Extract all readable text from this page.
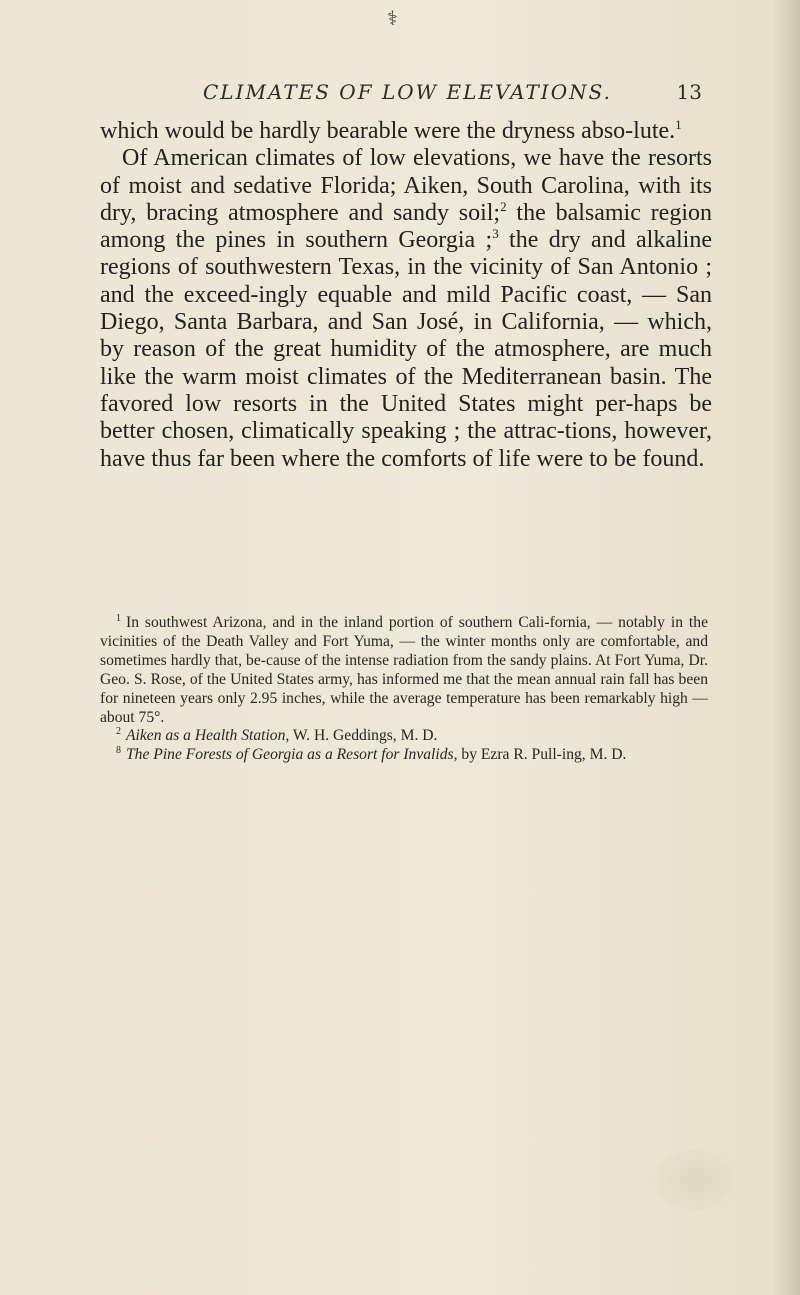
⚕
CLIMATES OF LOW ELEVATIONS.	13

which would be hardly bearable were the dryness abso-lute.$^1$

Of American climates of low elevations, we have the resorts of moist and sedative Florida; Aiken, South Carolina, with its dry, bracing atmosphere and sandy soil;$^2$ the balsamic region among the pines in southern Georgia ;$^3$ the dry and alkaline regions of southwestern Texas, in the vicinity of San Antonio ; and the exceed-ingly equable and mild Pacific coast, — San Diego, Santa Barbara, and San José, in California, — which, by reason of the great humidity of the atmosphere, are much like the warm moist climates of the Mediterranean basin. The favored low resorts in the United States might per-haps be better chosen, climatically speaking ; the attrac-tions, however, have thus far been where the comforts of life were to be found.

$^1$ In southwest Arizona, and in the inland portion of southern Cali-fornia, — notably in the vicinities of the Death Valley and Fort Yuma, — the winter months only are comfortable, and sometimes hardly that, be-cause of the intense radiation from the sandy plains. At Fort Yuma, Dr. Geo. S. Rose, of the United States army, has informed me that the mean annual rain fall has been for nineteen years only 2.95 inches, while the average temperature has been remarkably high — about 75°.

$^2$ Aiken as a Health Station, W. H. Geddings, M. D.

$^8$ The Pine Forests of Georgia as a Resort for Invalids, by Ezra R. Pull-ing, M. D.
